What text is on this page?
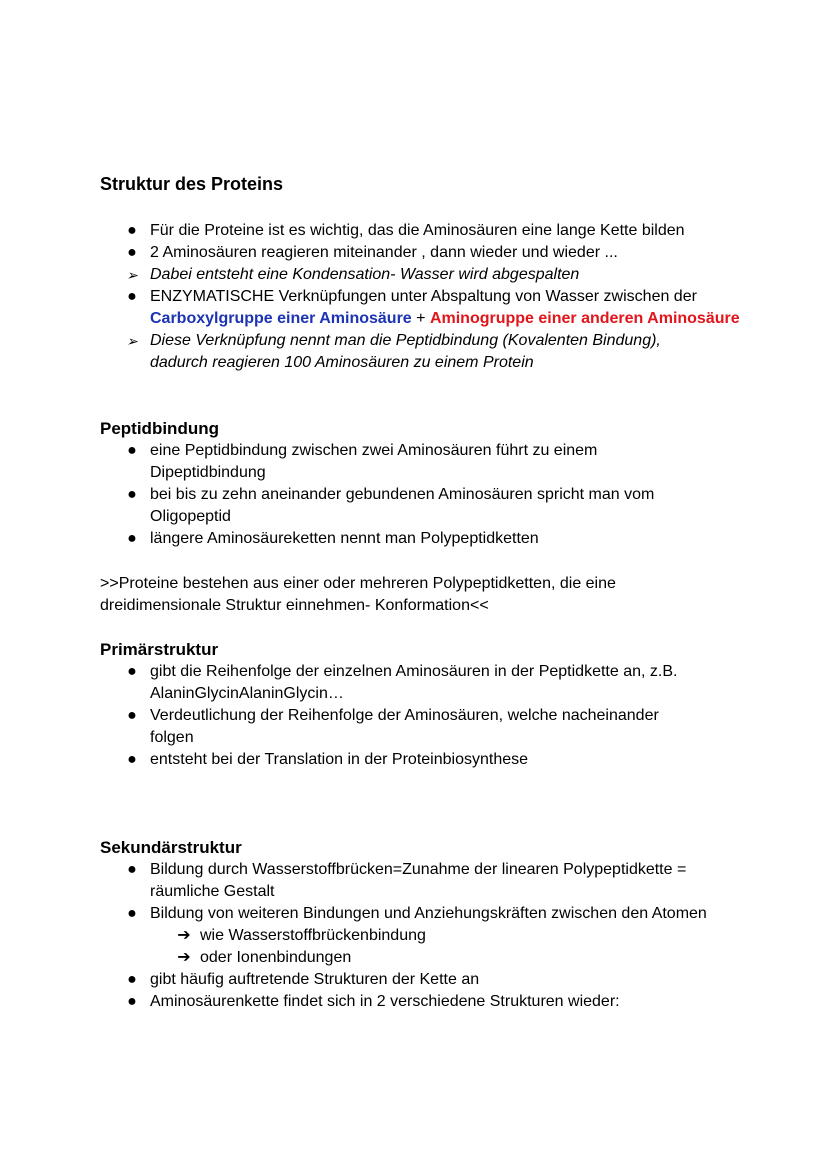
Struktur des Proteins
● Für die Proteine ist es wichtig, das die Aminosäuren eine lange Kette bilden
● 2 Aminosäuren reagieren miteinander , dann wieder und wieder ...
➢ Dabei entsteht eine Kondensation- Wasser wird abgespalten
● ENZYMATISCHE Verknüpfungen unter Abspaltung von Wasser zwischen der Carboxylgruppe einer Aminosäure + Aminogruppe einer anderen Aminosäure
➢ Diese Verknüpfung nennt man die Peptidbindung (Kovalenten Bindung), dadurch reagieren 100 Aminosäuren zu einem Protein
Peptidbindung
● eine Peptidbindung zwischen zwei Aminosäuren führt zu einem Dipeptidbindung
● bei bis zu zehn aneinander gebundenen Aminosäuren spricht man vom Oligopeptid
● längere Aminosäureketten nennt man Polypeptidketten

>>Proteine bestehen aus einer oder mehreren Polypeptidketten, die eine dreidimensionale Struktur einnehmen- Konformation<<

Primärstruktur
● gibt die Reihenfolge der einzelnen Aminosäuren in der Peptidkette an, z.B. AlaninGlycinAlaninGlycin…
● Verdeutlichung der Reihenfolge der Aminosäuren, welche nacheinander folgen
● entsteht bei der Translation in der Proteinbiosynthese
Sekundärstruktur
● Bildung durch Wasserstoffbrücken=Zunahme der linearen Polypeptidkette = räumliche Gestalt
● Bildung von weiteren Bindungen und Anziehungskräften zwischen den Atomen
➔ wie Wasserstoffbrückenbindung
➔ oder Ionenbindungen
● gibt häufig auftretende Strukturen der Kette an
● Aminosäurenkette findet sich in 2 verschiedene Strukturen wieder:
